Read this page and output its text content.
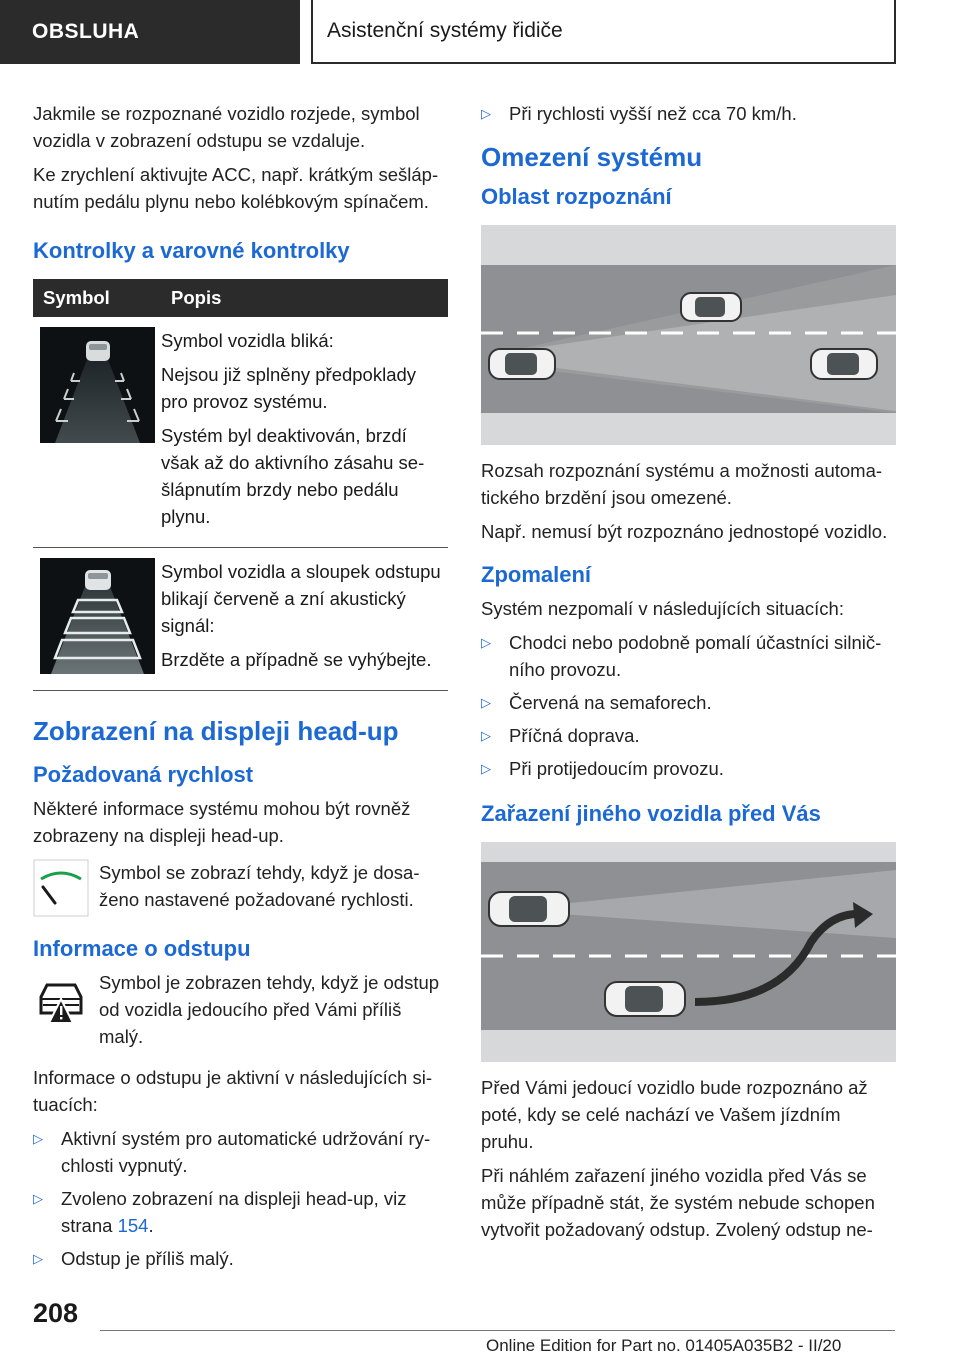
OBSLUHA	Asistenční systémy řidiče

Jakmile se rozpoznané vozidlo rozjede, symbol vozidla v zobrazení odstupu se vzdaluje.

Ke zrychlení aktivujte ACC, např. krátkým sešlápnutím pedálu plynu nebo kolébkovým spínačem.

Kontrolky a varovné kontrolky
Symbol	Popis

Symbol vozidla bliká:

Nejsou již splněny předpoklady pro provoz systému.

Systém byl deaktivován, brzdí však až do aktivního zásahu sešlápnutím brzdy nebo pedálu plynu.

Symbol vozidla a sloupek odstupu blikají červeně a zní akustický signál:

Brzděte a případně se vyhýbejte.

Zobrazení na displeji head-up
Požadovaná rychlost

Některé informace systému mohou být rovněž zobrazeny na displeji head-up.

Symbol se zobrazí tehdy, když je dosaženo nastavené požadované rychlosti.
Informace o odstupu
Symbol je zobrazen tehdy, když je odstup od vozidla jedoucího před Vámi příliš malý.

Informace o odstupu je aktivní v následujících situacích:

▷ Aktivní systém pro automatické udržování rychlosti vypnutý.
▷ Zvoleno zobrazení na displeji head-up, viz strana 154.
▷ Odstup je příliš malý.
▷ Při rychlosti vyšší než cca 70 km/h.
Omezení systému
Oblast rozpoznání

Rozsah rozpoznání systému a možnosti automatického brzdění jsou omezené.

Např. nemusí být rozpoznáno jednostopé vozidlo.

Zpomalení

Systém nezpomalí v následujících situacích:

▷ Chodci nebo podobně pomalí účastníci silničního provozu.
▷ Červená na semaforech.
▷ Příčná doprava.
▷ Při protijedoucím provozu.
Zařazení jiného vozidla před Vás

Před Vámi jedoucí vozidlo bude rozpoznáno až poté, kdy se celé nachází ve Vašem jízdním pruhu.

Při náhlém zařazení jiného vozidla před Vás se může případně stát, že systém nebude schopen vytvořit požadovaný odstup. Zvolený odstup ne-

208
Online Edition for Part no. 01405A035B2 - II/20
